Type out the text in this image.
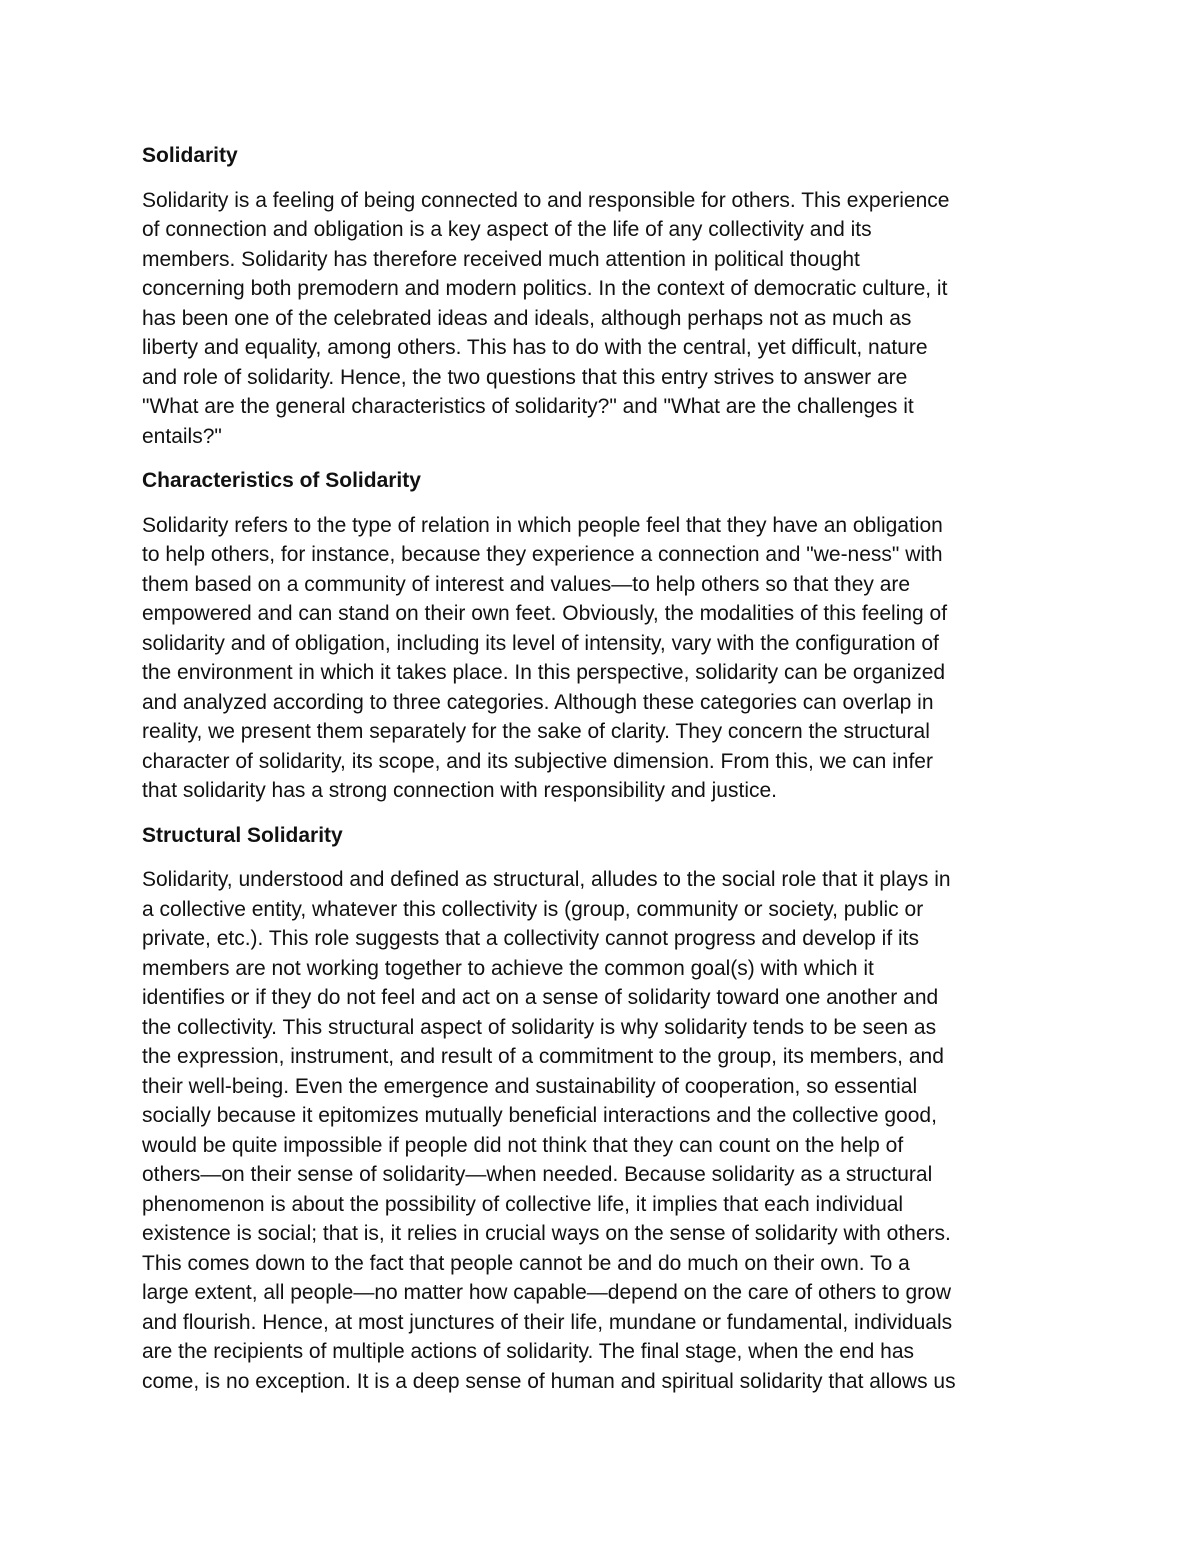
Solidarity

Solidarity is a feeling of being connected to and responsible for others. This experience
of connection and obligation is a key aspect of the life of any collectivity and its
members. Solidarity has therefore received much attention in political thought
concerning both premodern and modern politics. In the context of democratic culture, it
has been one of the celebrated ideas and ideals, although perhaps not as much as
liberty and equality, among others. This has to do with the central, yet difficult, nature
and role of solidarity. Hence, the two questions that this entry strives to answer are
"What are the general characteristics of solidarity?" and "What are the challenges it
entails?"

Characteristics of Solidarity

Solidarity refers to the type of relation in which people feel that they have an obligation
to help others, for instance, because they experience a connection and "we-ness" with
them based on a community of interest and values—to help others so that they are
empowered and can stand on their own feet. Obviously, the modalities of this feeling of
solidarity and of obligation, including its level of intensity, vary with the configuration of
the environment in which it takes place. In this perspective, solidarity can be organized
and analyzed according to three categories. Although these categories can overlap in
reality, we present them separately for the sake of clarity. They concern the structural
character of solidarity, its scope, and its subjective dimension. From this, we can infer
that solidarity has a strong connection with responsibility and justice.

Structural Solidarity

Solidarity, understood and defined as structural, alludes to the social role that it plays in
a collective entity, whatever this collectivity is (group, community or society, public or
private, etc.). This role suggests that a collectivity cannot progress and develop if its
members are not working together to achieve the common goal(s) with which it
identifies or if they do not feel and act on a sense of solidarity toward one another and
the collectivity. This structural aspect of solidarity is why solidarity tends to be seen as
the expression, instrument, and result of a commitment to the group, its members, and
their well-being. Even the emergence and sustainability of cooperation, so essential
socially because it epitomizes mutually beneficial interactions and the collective good,
would be quite impossible if people did not think that they can count on the help of
others—on their sense of solidarity—when needed. Because solidarity as a structural
phenomenon is about the possibility of collective life, it implies that each individual
existence is social; that is, it relies in crucial ways on the sense of solidarity with others.
This comes down to the fact that people cannot be and do much on their own. To a
large extent, all people—no matter how capable—depend on the care of others to grow
and flourish. Hence, at most junctures of their life, mundane or fundamental, individuals
are the recipients of multiple actions of solidarity. The final stage, when the end has
come, is no exception. It is a deep sense of human and spiritual solidarity that allows us
